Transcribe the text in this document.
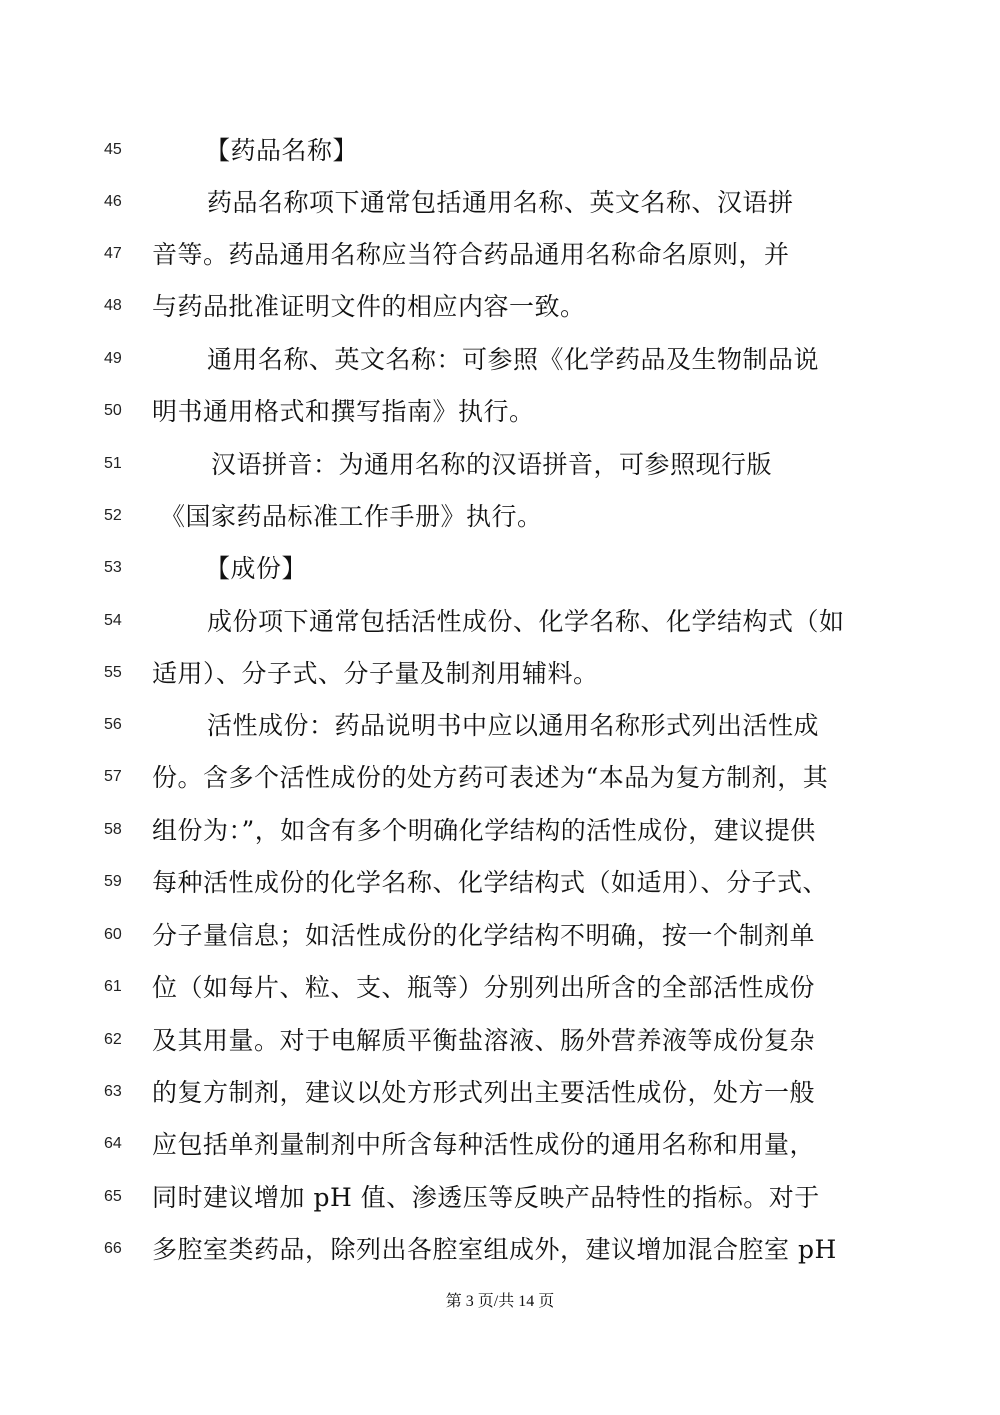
45	【药品名称】
46	药品名称项下通常包括通用名称、英文名称、汉语拼
47 音等。药品通用名称应当符合药品通用名称命名原则，并
48 与药品批准证明文件的相应内容一致。
49	通用名称、英文名称：可参照《化学药品及生物制品说
50 明书通用格式和撰写指南》执行。
51	汉语拼音：为通用名称的汉语拼音，可参照现行版
52 《国家药品标准工作手册》执行。
53	【成份】
54	成份项下通常包括活性成份、化学名称、化学结构式（如
55 适用）、分子式、分子量及制剂用辅料。
56	活性成份：药品说明书中应以通用名称形式列出活性成
57 份。含多个活性成份的处方药可表述为“本品为复方制剂，其
58 组份为：”，如含有多个明确化学结构的活性成份，建议提供
59 每种活性成份的化学名称、化学结构式（如适用）、分子式、
60 分子量信息；如活性成份的化学结构不明确，按一个制剂单
61 位（如每片、粒、支、瓶等）分别列出所含的全部活性成份
62 及其用量。对于电解质平衡盐溶液、肠外营养液等成份复杂
63 的复方制剂，建议以处方形式列出主要活性成份，处方一般
64 应包括单剂量制剂中所含每种活性成份的通用名称和用量，
65 同时建议增加 pH 值、渗透压等反映产品特性的指标。对于
66 多腔室类药品，除列出各腔室组成外，建议增加混合腔室 pH
第 3 页/共 14 页
